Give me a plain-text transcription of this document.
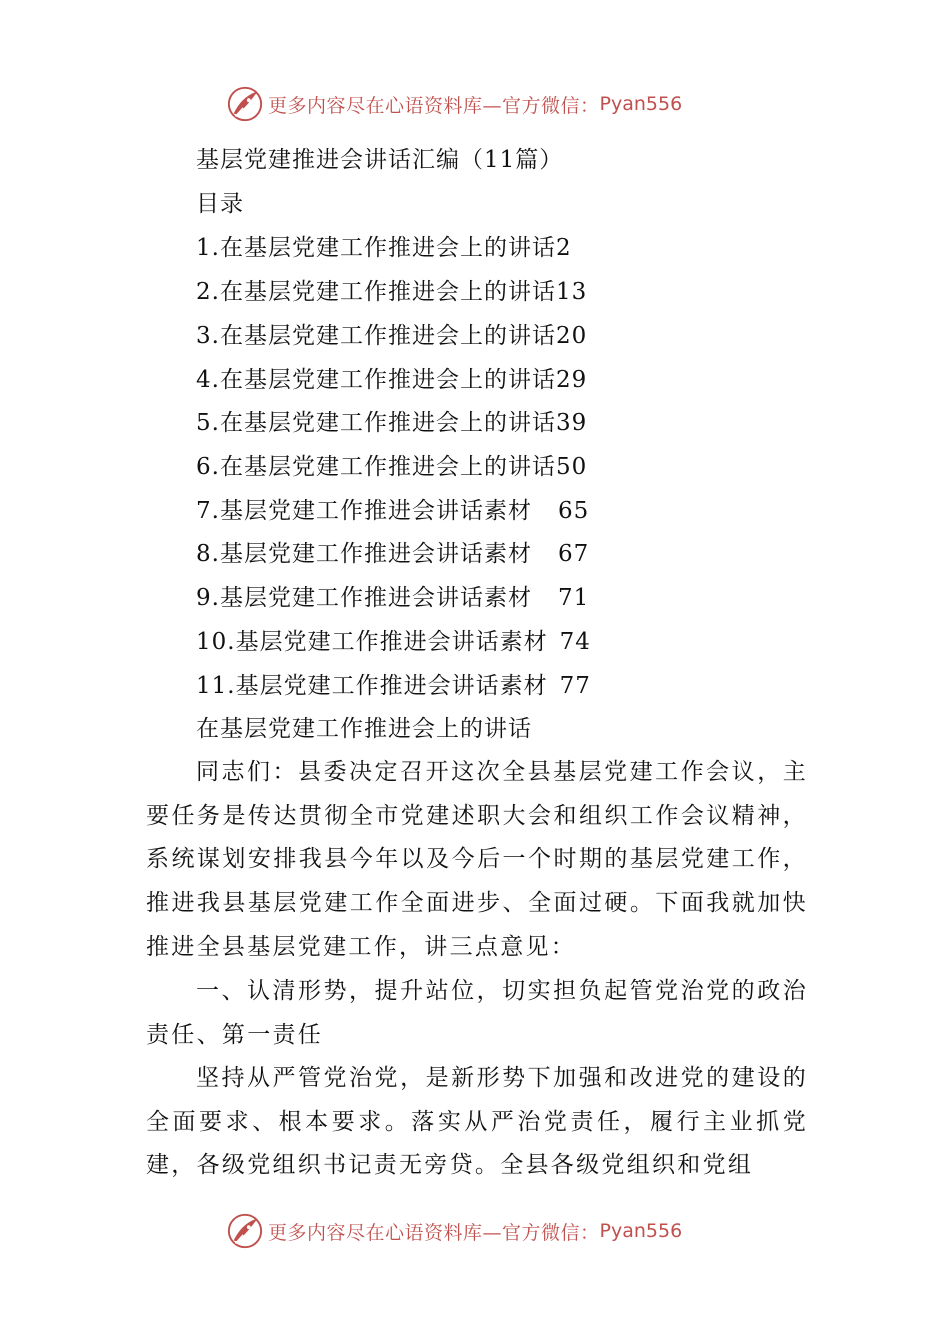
更多内容尽在心语资料库—官方微信： Pyan556
基层党建推进会讲话汇编（11篇）
目录
1.在基层党建工作推进会上的讲话2
2.在基层党建工作推进会上的讲话13
3.在基层党建工作推进会上的讲话20
4.在基层党建工作推进会上的讲话29
5.在基层党建工作推进会上的讲话39
6.在基层党建工作推进会上的讲话50
7.基层党建工作推进会讲话素材 65
8.基层党建工作推进会讲话素材 67
9.基层党建工作推进会讲话素材 71
10.基层党建工作推进会讲话素材 74
11.基层党建工作推进会讲话素材 77
在基层党建工作推进会上的讲话

同志们：县委决定召开这次全县基层党建工作会议，主要任务是传达贯彻全市党建述职大会和组织工作会议精神，系统谋划安排我县今年以及今后一个时期的基层党建工作，推进我县基层党建工作全面进步、全面过硬。下面我就加快推进全县基层党建工作，讲三点意见：

一、认清形势，提升站位，切实担负起管党治党的政治责任、第一责任

坚持从严管党治党，是新形势下加强和改进党的建设的全面要求、根本要求。落实从严治党责任，履行主业抓党建，各级党组织书记责无旁贷。全县各级党组织和党组

更多内容尽在心语资料库—官方微信： Pyan556
